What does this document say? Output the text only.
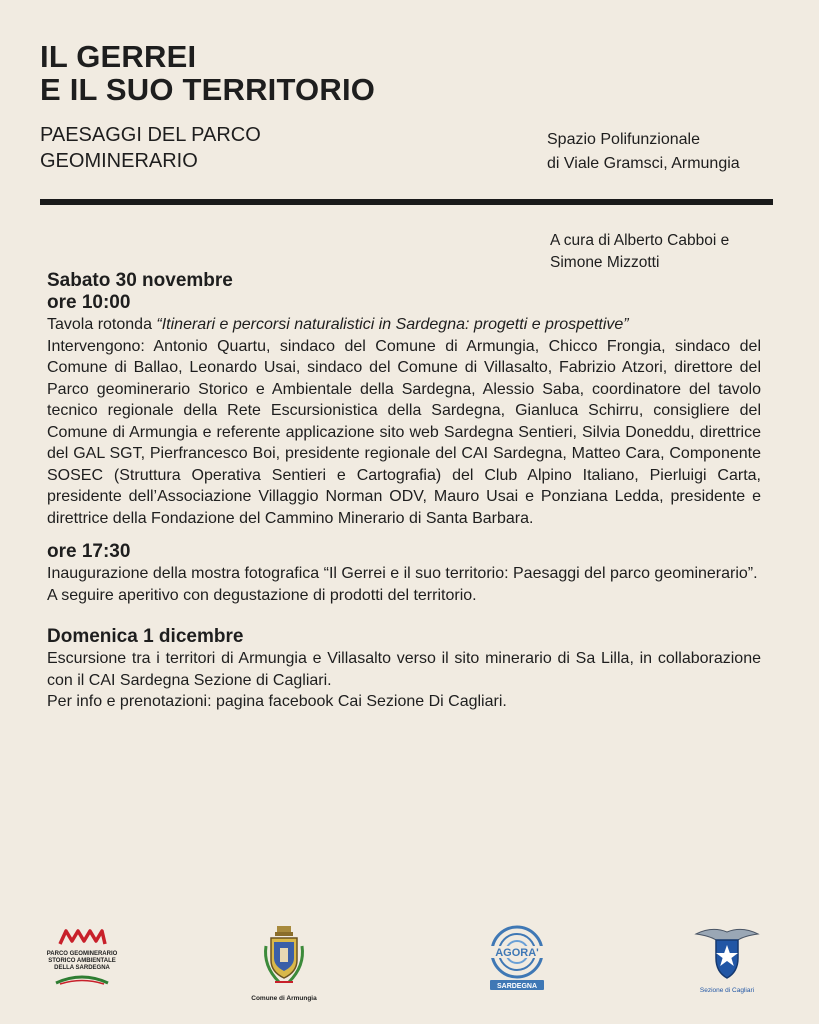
IL GERREI
E IL SUO TERRITORIO
PAESAGGI DEL PARCO
GEOMINERARIO
Spazio Polifunzionale
di Viale Gramsci, Armungia
A cura di Alberto Cabboi e
Simone Mizzotti
Sabato 30 novembre
ore 10:00
Tavola rotonda “Itinerari e percorsi naturalistici in Sardegna: progetti e prospettive”
Intervengono: Antonio Quartu, sindaco del Comune di Armungia, Chicco Frongia, sindaco del Comune di Ballao, Leonardo Usai, sindaco del Comune di Villasalto, Fabrizio Atzori, direttore del Parco geominerario Storico e Ambientale della Sardegna, Alessio Saba, coordinatore del tavolo tecnico regionale della Rete Escursionistica della Sardegna, Gianluca Schirru, consigliere del Comune di Armungia e referente applicazione sito web Sardegna Sentieri, Silvia Doneddu, direttrice del GAL SGT, Pierfrancesco Boi, presidente regionale del CAI Sardegna, Matteo Cara, Componente SOSEC (Struttura Operativa Sentieri e Cartografia) del Club Alpino Italiano, Pierluigi Carta, presidente dell’Associazione Villaggio Norman ODV, Mauro Usai e Ponziana Ledda, presidente e direttrice della Fondazione del Cammino Minerario di Santa Barbara.
ore 17:30
Inaugurazione della mostra fotografica “Il Gerrei e il suo territorio: Paesaggi del parco geominerario”.
A seguire aperitivo con degustazione di prodotti del territorio.
Domenica 1 dicembre
Escursione tra i territori di Armungia e Villasalto verso il sito minerario di Sa Lilla, in collaborazione con il CAI Sardegna Sezione di Cagliari.
Per info e prenotazioni: pagina facebook Cai Sezione Di Cagliari.
PARCO GEOMINERARIO
STORICO AMBIENTALE
DELLA SARDEGNA
Comune di Armungia
AGORA'
SARDEGNA
Sezione di Cagliari
